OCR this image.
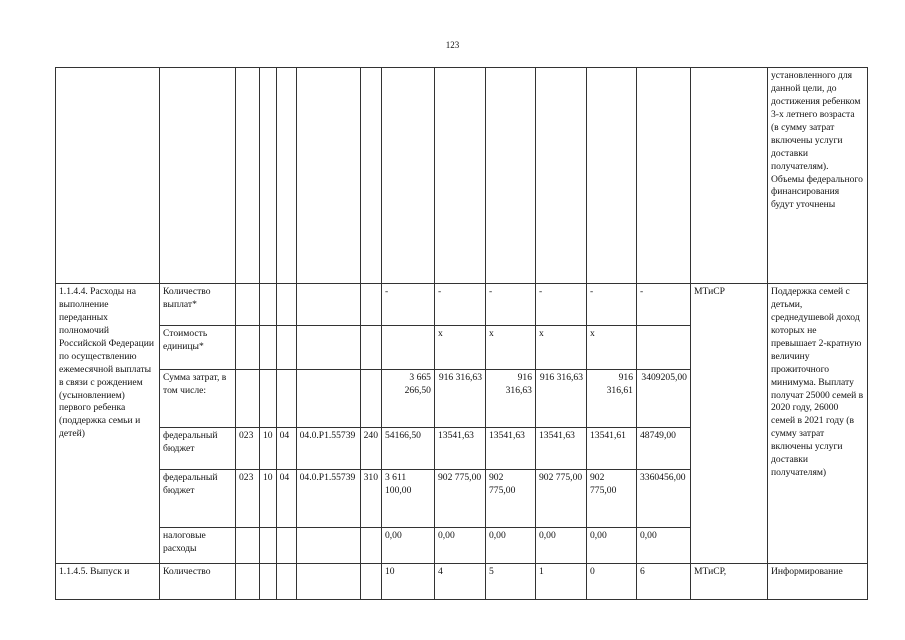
123
														установленного для данной цели, до достижения ребенком 3-х летнего возраста (в сумму затрат включены услуги доставки получателям). Объемы федерального финансирования будут уточнены
1.1.4.4. Расходы на выполнение переданных полномочий Российской Федерации по осуществлению ежемесячной выплаты в связи с рождением (усыновлением) первого ребенка (поддержка семьи и детей)	Количество выплат*						-	-	-	-	-	-	МТиСР	Поддержка семей с детьми, среднедушевой доход которых не превышает 2-кратную величину прожиточного минимума. Выплату получат 25000 семей в 2020 году, 26000 семей в 2021 году (в сумму затрат включены услуги доставки получателям)
	Стоимость единицы*							x	x	x	x			
	Сумма затрат, в том числе:						3 665 266,50	916 316,63	916 316,63	916 316,63	916 316,61	3409205,00		
	федеральный бюджет	023	10	04	04.0.P1.55739	240	54166,50	13541,63	13541,63	13541,63	13541,61	48749,00		
	федеральный бюджет	023	10	04	04.0.P1.55739	310	3 611 100,00	902 775,00	902 775,00	902 775,00	902 775,00	3360456,00		
	налоговые расходы						0,00	0,00	0,00	0,00	0,00	0,00		
1.1.4.5. Выпуск и	Количество						10	4	5	1	0	6	МТиСР,	Информирование
